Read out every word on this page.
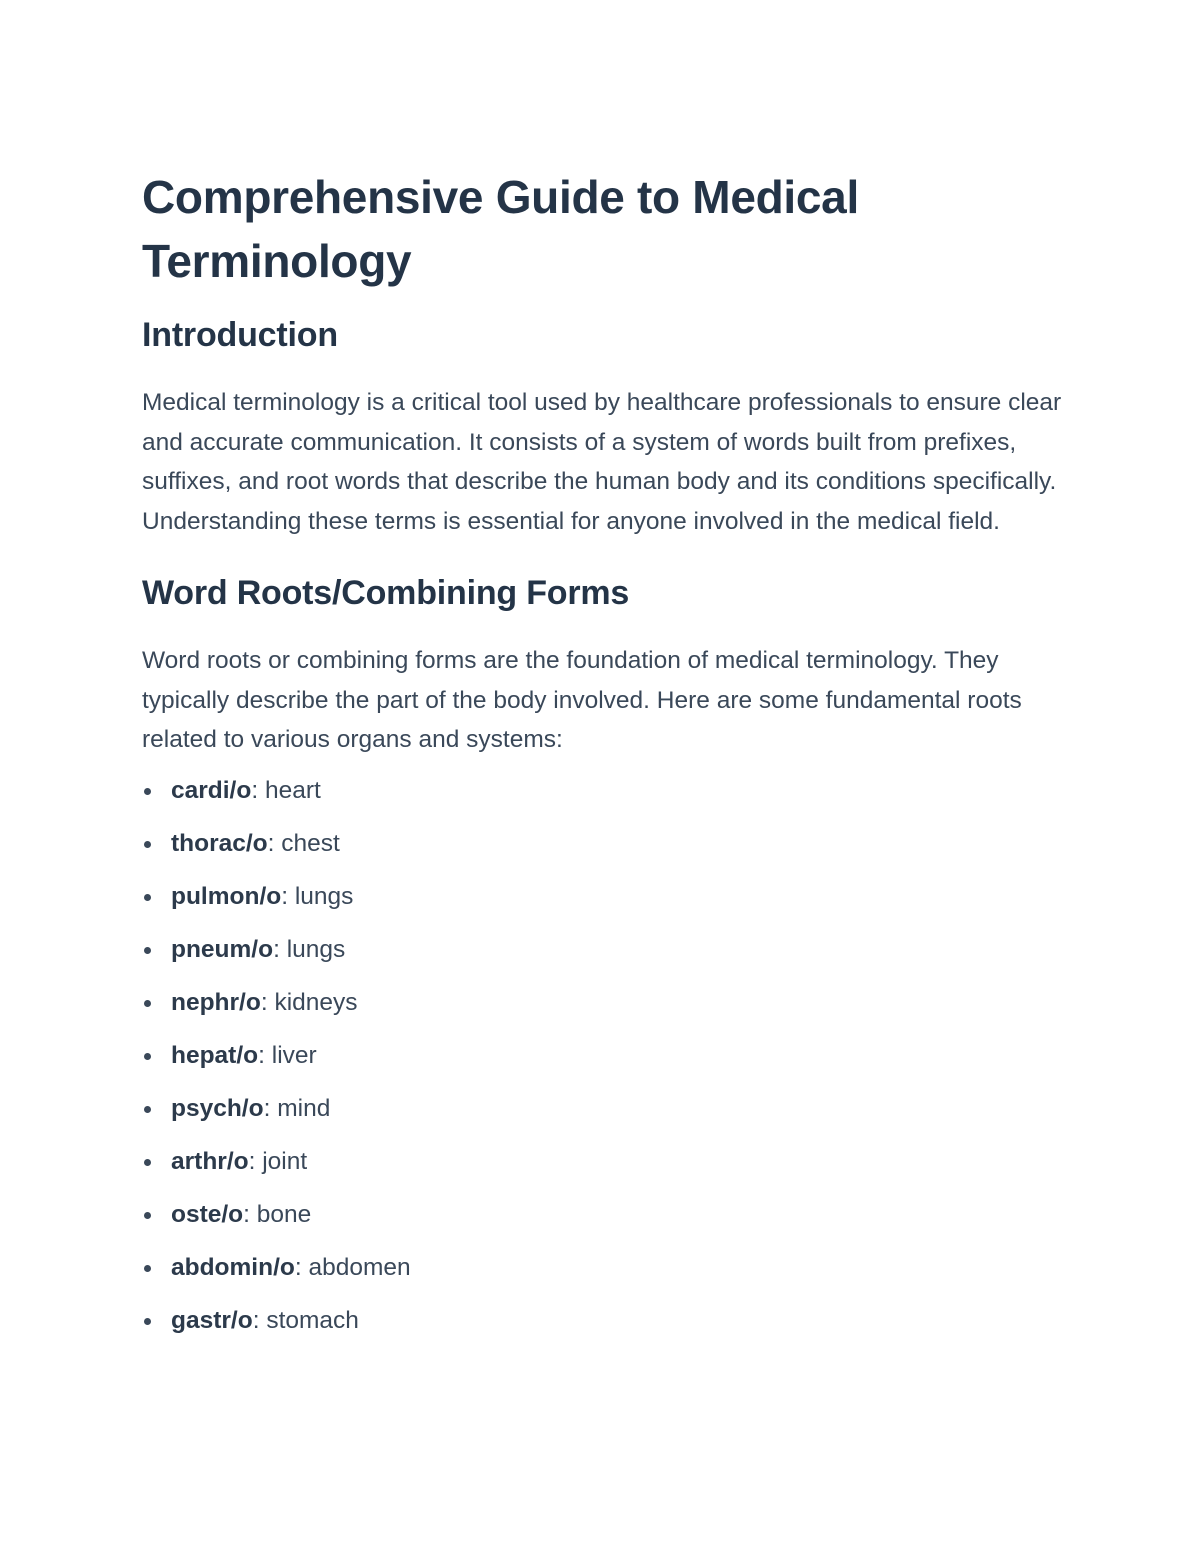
Comprehensive Guide to Medical Terminology
Introduction

Medical terminology is a critical tool used by healthcare professionals to ensure clear and accurate communication. It consists of a system of words built from prefixes, suffixes, and root words that describe the human body and its conditions specifically. Understanding these terms is essential for anyone involved in the medical field.

Word Roots/Combining Forms

Word roots or combining forms are the foundation of medical terminology. They typically describe the part of the body involved. Here are some fundamental roots related to various organs and systems:

cardi/o: heart
thorac/o: chest
pulmon/o: lungs
pneum/o: lungs
nephr/o: kidneys
hepat/o: liver
psych/o: mind
arthr/o: joint
oste/o: bone
abdomin/o: abdomen
gastr/o: stomach
